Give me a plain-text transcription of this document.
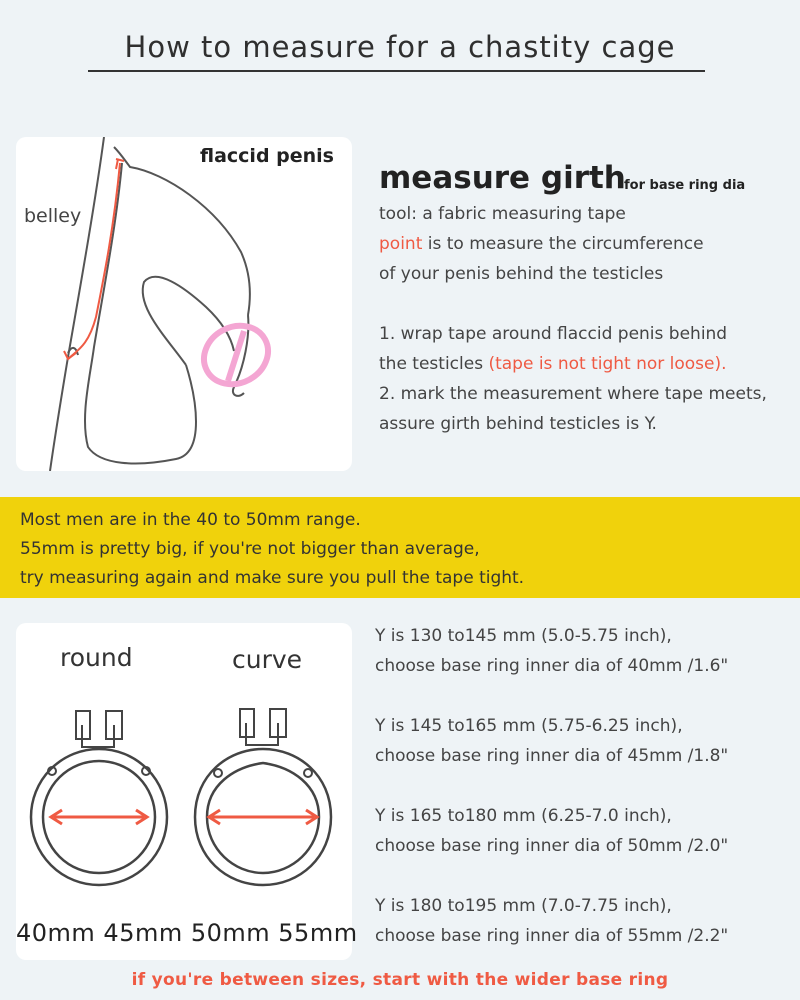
How to measure for a chastity cage
belley
flaccid penis
measure girth
for base ring dia
tool: a fabric measuring tape
point is to measure the circumference
of your penis behind the testicles
1. wrap tape around flaccid penis behind
the testicles (tape is not tight nor loose).
2. mark the measurement where tape meets,
assure girth behind testicles is Y.
Most men are in the 40 to 50mm range.
55mm is pretty big, if you're not bigger than average,
try measuring again and make sure you pull the tape tight.
round	curve
40mm 45mm 50mm 55mm
Y is 130 to145 mm (5.0-5.75 inch),
choose base ring inner dia of 40mm /1.6"
Y is 145 to165 mm (5.75-6.25 inch),
choose base ring inner dia of 45mm /1.8"
Y is 165 to180 mm (6.25-7.0 inch),
choose base ring inner dia of 50mm /2.0"
Y is 180 to195 mm (7.0-7.75 inch),
choose base ring inner dia of 55mm /2.2"
if you're between sizes, start with the wider base ring
